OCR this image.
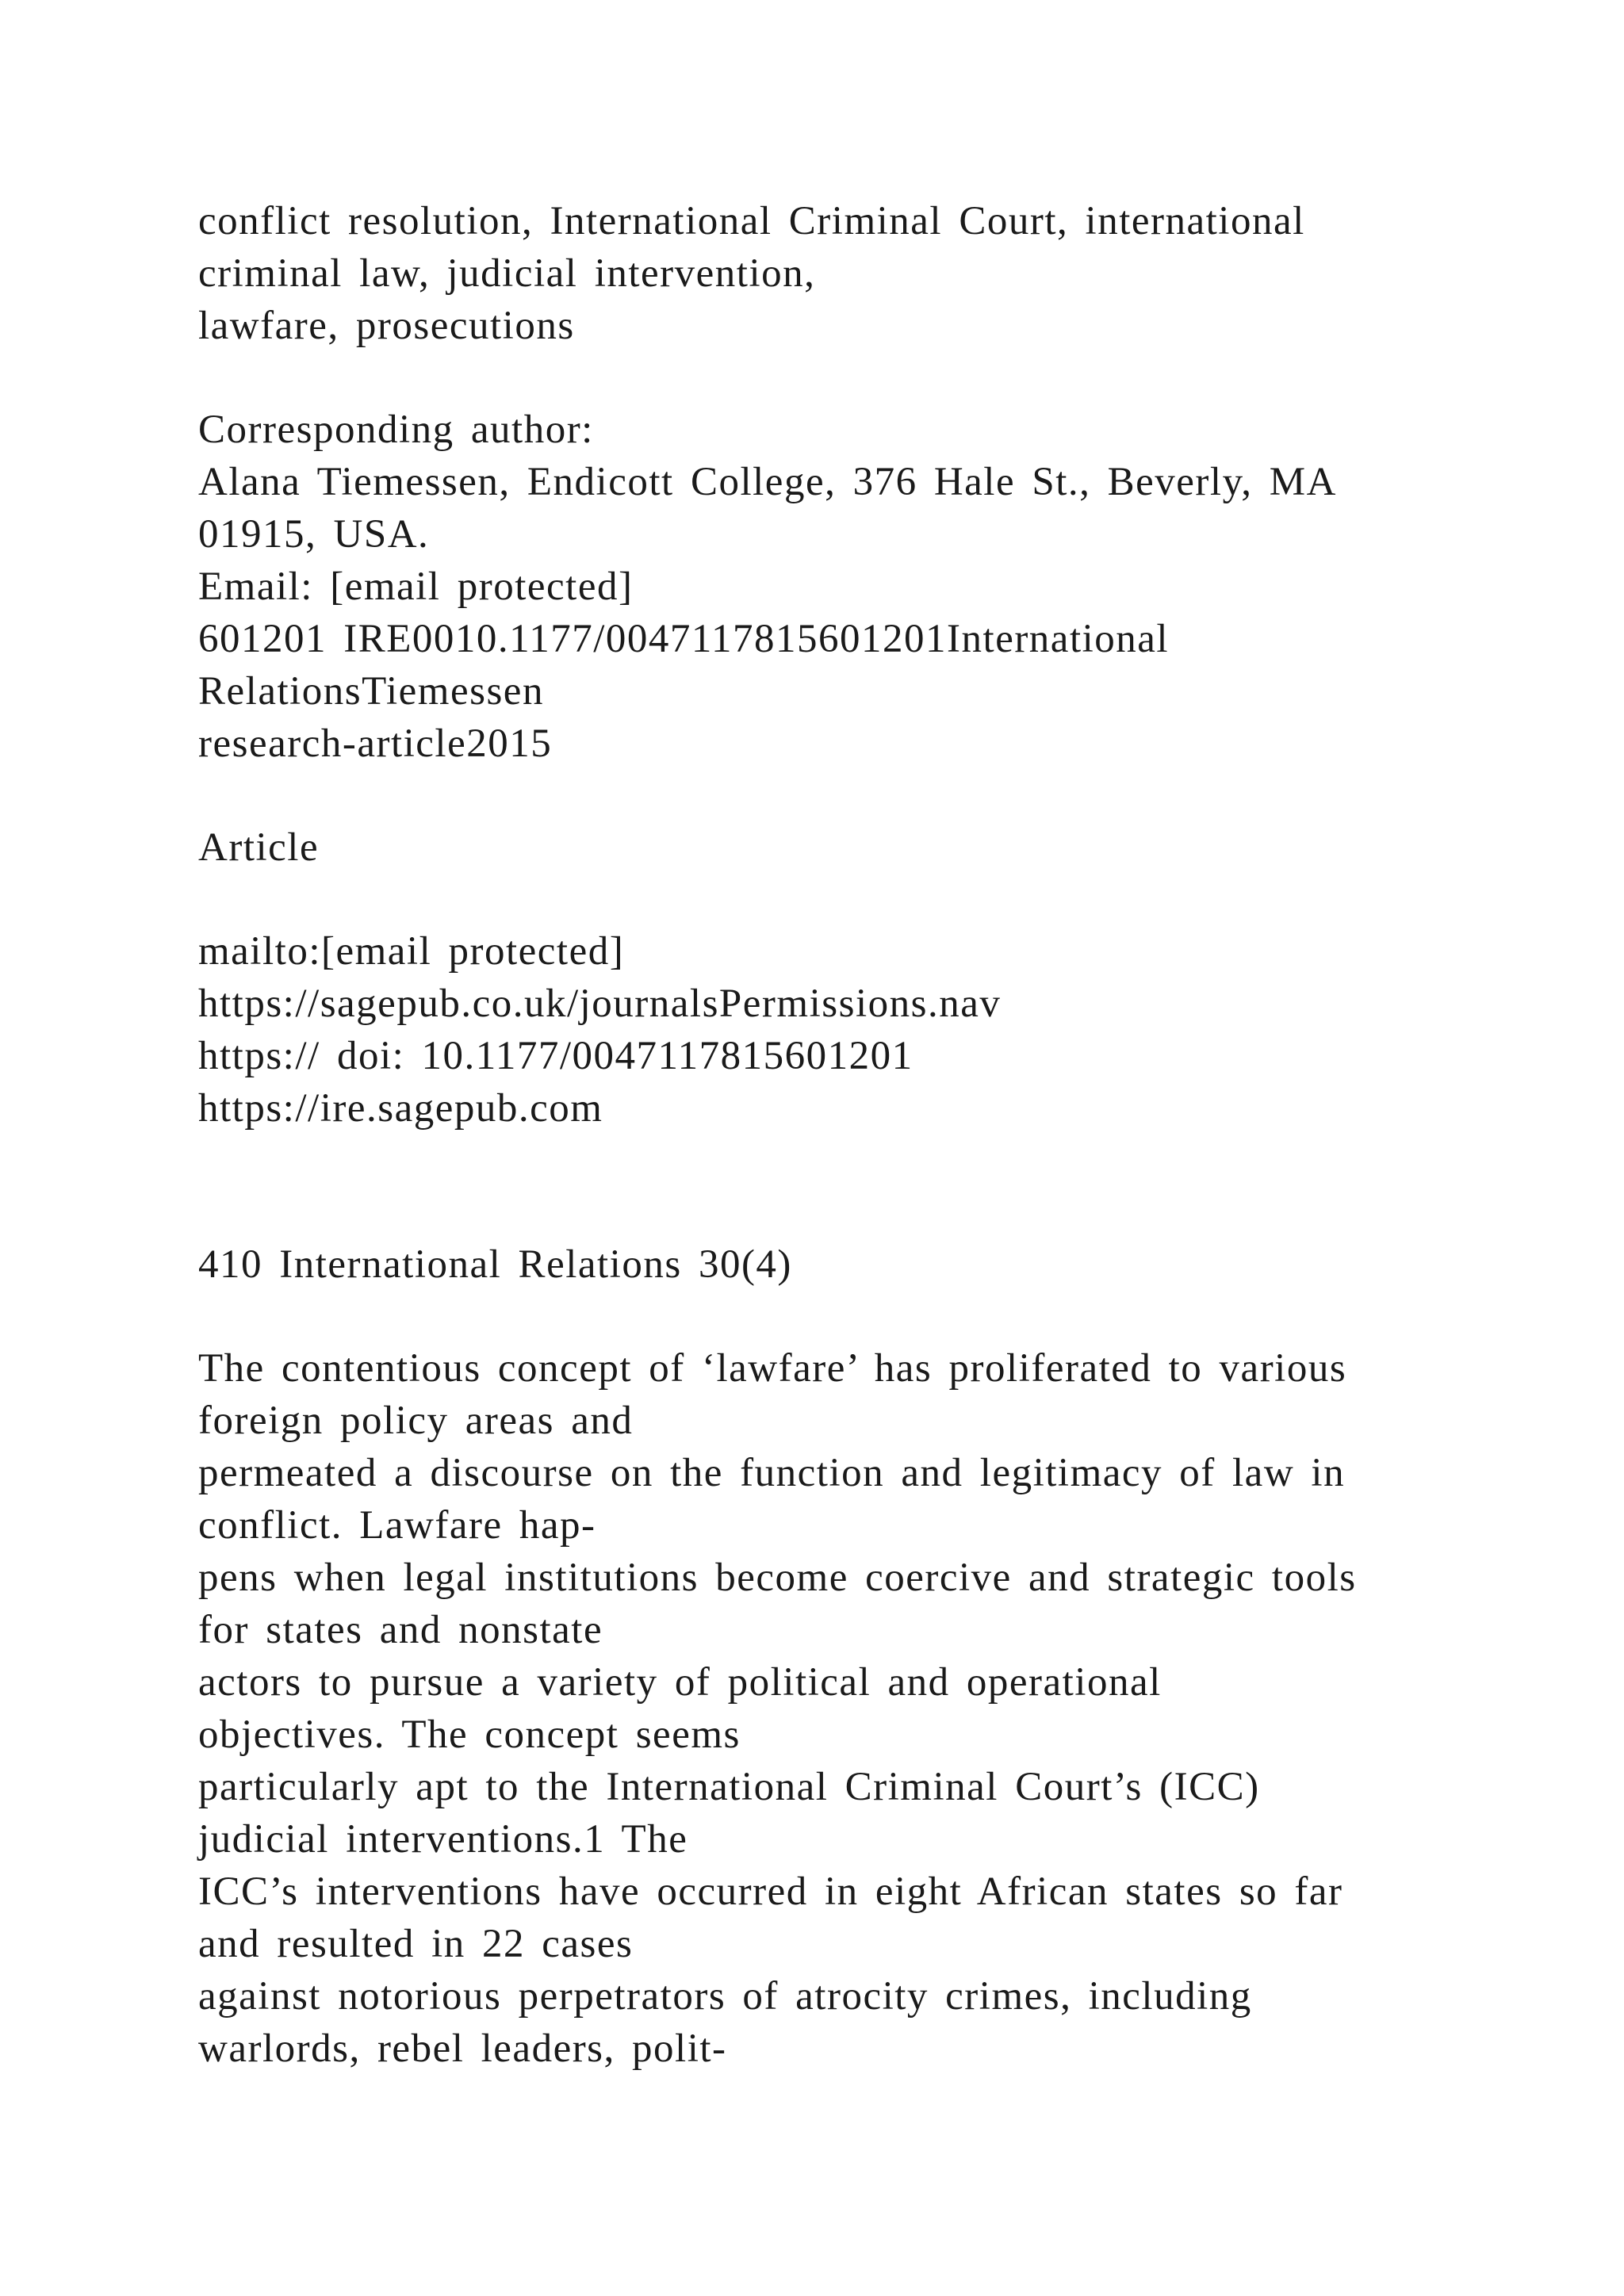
conflict resolution, International Criminal Court, international
criminal law, judicial intervention,
lawfare, prosecutions
Corresponding author:
Alana Tiemessen, Endicott College, 376 Hale St., Beverly, MA
01915, USA.
Email: [email protected]
601201 IRE0010.1177/0047117815601201International
RelationsTiemessen
research-article2015
Article
mailto:[email protected]
https://sagepub.co.uk/journalsPermissions.nav
https:// doi: 10.1177/0047117815601201
https://ire.sagepub.com
410 International Relations 30(4)
The contentious concept of ‘lawfare’ has proliferated to various
foreign policy areas and
permeated a discourse on the function and legitimacy of law in
conflict. Lawfare hap-
pens when legal institutions become coercive and strategic tools
for states and nonstate
actors to pursue a variety of political and operational
objectives. The concept seems
particularly apt to the International Criminal Court’s (ICC)
judicial interventions.1 The
ICC’s interventions have occurred in eight African states so far
and resulted in 22 cases
against notorious perpetrators of atrocity crimes, including
warlords, rebel leaders, polit-
